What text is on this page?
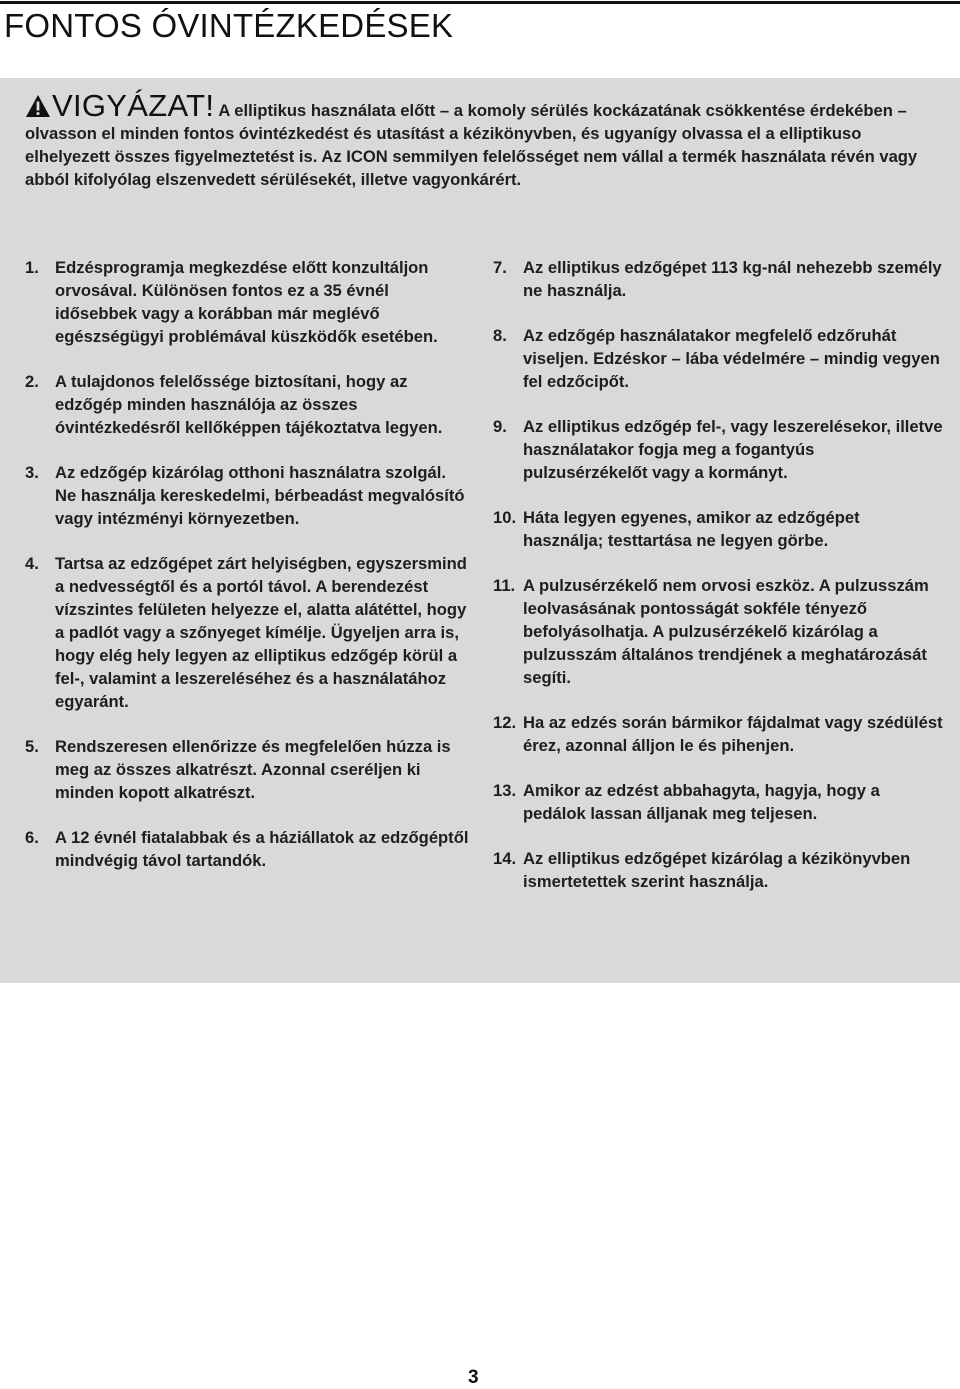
FONTOS ÓVINTÉZKEDÉSEK

VIGYÁZAT! A elliptikus használata előtt – a komoly sérülés kockázatának csökkentése érdekében – olvasson el minden fontos óvintézkedést és utasítást a kézikönyvben, és ugyanígy olvassa el a elliptikuso elhelyezett összes figyelmeztetést is. Az ICON semmilyen felelősséget nem vállal a termék használata révén vagy abból kifolyólag elszenvedett sérülésekét, illetve vagyonkárért.

1. Edzésprogramja megkezdése előtt konzultáljon orvosával. Különösen fontos ez a 35 évnél idősebbek vagy a korábban már meglévő egészségügyi problémával küszködők esetében.
2. A tulajdonos felelőssége biztosítani, hogy az edzőgép minden használója az összes óvintézkedésről kellőképpen tájékoztatva legyen.
3. Az edzőgép kizárólag otthoni használatra szolgál. Ne használja kereskedelmi, bérbeadást megvalósító vagy intézményi környezetben.
4. Tartsa az edzőgépet zárt helyiségben, egyszersmind a nedvességtől és a portól távol. A berendezést vízszintes felületen helyezze el, alatta alátéttel, hogy a padlót vagy a szőnyeget kímélje. Ügyeljen arra is, hogy elég hely legyen az elliptikus edzőgép körül a fel-, valamint a leszereléséhez és a használatához egyaránt.
5. Rendszeresen ellenőrizze és megfelelően húzza is meg az összes alkatrészt. Azonnal cseréljen ki minden kopott alkatrészt.
6. A 12 évnél fiatalabbak és a háziállatok az edzőgéptől mindvégig távol tartandók.
7. Az elliptikus edzőgépet 113 kg-nál nehezebb személy ne használja.
8. Az edzőgép használatakor megfelelő edzőruhát viseljen. Edzéskor – lába védelmére – mindig vegyen fel edzőcipőt.
9. Az elliptikus edzőgép fel-, vagy leszerelésekor, illetve használatakor fogja meg a fogantyús pulzusérzékelőt vagy a kormányt.
10. Háta legyen egyenes, amikor az edzőgépet használja; testtartása ne legyen görbe.
11. A pulzusérzékelő nem orvosi eszköz. A pulzusszám leolvasásának pontosságát sokféle tényező befolyásolhatja. A pulzusérzékelő kizárólag a pulzusszám általános trendjének a meghatározását segíti.
12. Ha az edzés során bármikor fájdalmat vagy szédülést érez, azonnal álljon le és pihenjen.
13. Amikor az edzést abbahagyta, hagyja, hogy a pedálok lassan álljanak meg teljesen.
14. Az elliptikus edzőgépet kizárólag a kézikönyvben ismertetettek szerint használja.
3
